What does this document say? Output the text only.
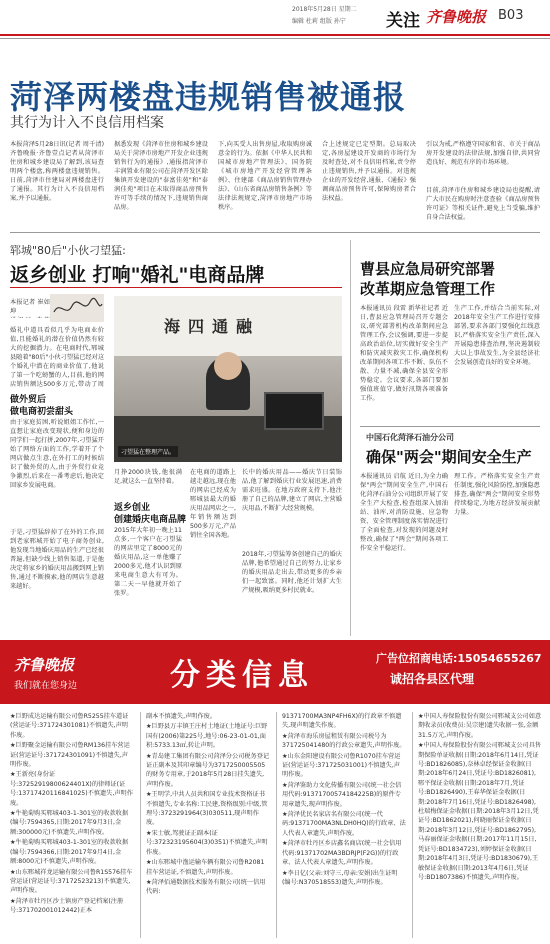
2018年5月28日 星期二
编辑 杜莉 组版 孙宁 关注 齐鲁晚报 B03
菏泽两楼盘违规销售被通报
其行为计入不良信用档案
本报菏泽5月28日讯(记者 周千清) 齐鲁晚报·齐鲁壹点记者从菏泽市住房和城乡建设局了解到,该局查明两个楼盘,称两楼盘违规销售。日前,菏泽市住建局对两楼盘进行了通报。其行为计入不良信用档案,并予以通报。
据悉发现《菏泽市住房和城乡建设局关于菏泽市房地产开发企业违规销售行为的通报》,通报指菏泽市丰润置业有限公司在菏泽开发区除集镇开发建设的"泰富佳苑"和"泰润佳苑"项目在未取得商品房预售许可等手续的情况下,违规销售商品房。
下,向买受人出售房屋,收取购房诚意金的行为。依据《中华人民共和国城市房地产管理法》、国务院《城市房地产开发经营管理条例》、住建部《商品房销售管理办法》、《山东省商品房销售条例》等法律法规规定,菏泽市房地产市场秩序。
合上述规定已定型期。总局取决定,各房屋建设开发商的市场行为及时查处,对不良信用档案,责令停止违规销售,并予以通报。对违规企业的开发经营,通报、《通报》强调商品房预售许可,保障购房者合法权益。
引以为戒,严格遵守国家和省、市关于商品房开发建设的法律法规,加强自律,共同营造良好、规范有序的市场环境。
目前,菏泽市住房和城乡建设局也提醒,请广大市民在购房时注意查验《商品房预售许可证》等相关证件,避免上当受骗,维护自身合法权益。
郓城"80后"小伙刁望猛:
返乡创业 打响"婚礼"电商品牌
本报记者 崔如坤

婚礼中道具看似几乎为电商业价值,且能婚礼的潜在价值仍然有较大的挖掘潜力。在电商时代,郓城县随着"80后"小伙刁望猛已经对这个婚礼中潜在的商业价值了,他说了第一个吃螃蟹的人,目前,他的网店销售额达500多万元,带动了周
做外贸后
做电商初尝甜头
由于家庭贫困,听说姐姐工作忙,一直想让家庭改变现状,便和身边的同学们一起打拼,2007年,刁望猛开始了网络方面的工作,学着开了个网店做点生意,在外打工的时候结识了做外贸的人,由于外贸行业竞争激烈,后来在一番考虑后,他决定回家乡发展电商。
于是,刁望猛辞掉了在外的工作,回到老家郓城开始了电子商务创业,他发现当地婚庆用品的生产已经很普遍,但缺少线上销售渠道,于是他决定将家乡的婚庆用品搬到网上销售,通过不断摸索,他的网店生意越来越好。
海四通融
刁望猛在整理产品。
月挣2000块钱,他很满足,就这么一直坚持着。
返乡创业
创建婚庆电商品牌
2015年大年初一晚上11点多,一个客户在刁望猛的网店里定了8000元的婚庆用品,这一单他赚了2000多元,他才认识到原来电商生意大有可为。第二天一早他就开始了张罗。
在电商的道路上越走越远,现在他的网店已经成为郓城县最大的婚庆用品网店之一,年销售额达到500多万元,产品销往全国各地。
长中的婚庆用品——婚庆节日装饰品,他了解到婚庆行业发展迅速,消费需求旺盛。在地方政府支持下,他注册了自己的品牌,建立了网店,主营婚庆用品,不断扩大经营规模。
2018年,刁望猛筹备创建自己的婚庆品牌,他希望通过自己的努力,让家乡的婚庆用品走出去,带动更多的乡亲们一起致富。同时,他还计划扩大生产规模,吸纳更多村民就业。
曹县应急局研究部署
改革期应急管理工作
本报通讯员 段雷 新华社记者 近日,曹县应急管理局召开专题会议,研究部署机构改革期间应急管理工作,会议强调,要进一步提高政治站位,切实做好安全生产和防灾减灾救灾工作,确保机构改革期间各项工作不断、队伍不散、力量不减,确保全县安全形势稳定。会议要求,各部门要加强值班值守,做好汛期各项准备工作。
生产工作,并结合当前实际,对2018年安全生产工作进行安排部署,要求各部门要强化红线意识,严格落实安全生产责任,深入开展隐患排查治理,坚决遏制较大以上事故发生,为全县经济社会发展创造良好的安全环境。
中国石化菏泽石油分公司
确保"两会"期间安全生产
本报通讯员 启航 近日,为全力确保"两会"期间安全生产,中国石化菏泽石油分公司组织开展了安全生产大检查,检查组深入加油站、油库,对消防设施、应急物资、安全管理制度落实情况进行了全面检查,对发现的问题及时整改,确保了"两会"期间各项工作安全平稳运行。
理工作。严格落实安全生产责任制度,强化风险防控,加强隐患排查,确保"两会"期间安全形势持续稳定,为地方经济发展贡献力量。
齐鲁晚报
我们就在您身边	分类信息	广告位招商电话:15054655267
诚招各县区代理

★巨野成达运输有限公司鲁R5255挂车道证(营运证号:371724301081)不慎遗失,声明作废。

★巨野聚金运输有限公司鲁RM136挂车营运证(营运证号:371724301091)不慎遗失,声明作废。

★王新亮(身份证号:37252919800624401X)的律师证(证号:13717420116841025)不慎遗失,声明作废。

★牛艳菊购买郓城403-1-301室的收款收据(编号:7594365,日期:2017年9月3日,金额:300000元)不慎遗失,声明作废。

★牛艳菊购买郓城403-1-301室的收款收据(编号:7594366,日期:2017年9月4日,金额:8000元)不慎遗失,声明作废。

★山东郓城祥龙运输有限公司鲁R1S576挂车营运证(营运证号:37172523213)不慎遗失,声明作废。

★菏泽市牡丹区沙土镇房产登记档案(注册号:371702001012442)正本

副本不慎遗失,声明作废。

★巨野县万丰镇王庄村土地证(土地证号:巨野国有(2006)第225号,地号:06-23-01-01,面积:5733.13㎡,转让声明。

★青岛建工集团有限公司菏泽分公司税务登记证正副本及其印章编号为3717250005505的财务专用章,于2018年5月28日挂失遗失,声明作废。

★王明学,中共人员共和国专业技术资格证书不慎遗失,专业名称:工民建,资格级别:中级,管理号:3723291964(3)030511,现声明作废。

★宋士敏,驾驶证正副本(证号:372323195604(3)0351)不慎遗失,声明作废。

★山东郓城中渔运输车辆有限公司鲁R2081挂车营运证,不慎遗失,声明作废。

★菏泽佰通数据技术服务有限公司(统一信用代码:

91371700MA3NP4FH6X)的行政章不慎遗失,现声明遗失作废。

★菏泽市海乐房屋租赁有限公司税号为371725041480的行政公章遗失,声明作废。

★山东金阳建设有限公司鲁R1070挂车营运证(营运证号:371725031001)不慎遗失,声明作废。

★菏泽鉴助力文化传播有限公司(统一社会信用代码:91371700574184225B)的原件专用章遗失,现声明作废。

★菏泽优民名家店名有限公司(统一代码:91371700MA3NLDH0HQ)的行政章、法人代表人章遗失,声明作废。

★菏泽市牡丹区乡店鑫名商店(统一社会信用代码:91371702MA3BDRJP(F2G))的行政章、法人代表人章遗失,声明作废。

★李日亿(父亲:刘守三,母亲:安娟)出生证明(编号:N370518553)遗失,声明作废。

★中国人寿保险股份有限公司郓城支公司如意期收录员(收费员:吴宗建)遗失收据一张,金额31.5万元,声明作废。

★中国人寿保险股份有限公司郓城支公司具售期保险单证收据(日期:2018年6月14日,凭证号:BD1826085),奈林卓经保证金收据(日期:2018年6月24日,凭证号:BD1826081),郓平保证金收据(日期:2018年7月,凭证号:BD1826490),王春华保证金收据(日期:2018年7月16日,凭证号:BD1826498),杜瑞梅保证金收据(日期:2018年3月12日,凭证号:BD1862021),何晓丽保证金收据(日期:2018年3月12日,凭证号:BD1862795),马春丽保证金收据(日期:2017年11月15日,凭证号:BD1834723),刘婷保证金收据(日期:2018年4月3日,凭证号:BD1830679),王敏保证金收据(日期:2013年4月6日,凭证号:BD1807386)不慎遗失,声明作废。
